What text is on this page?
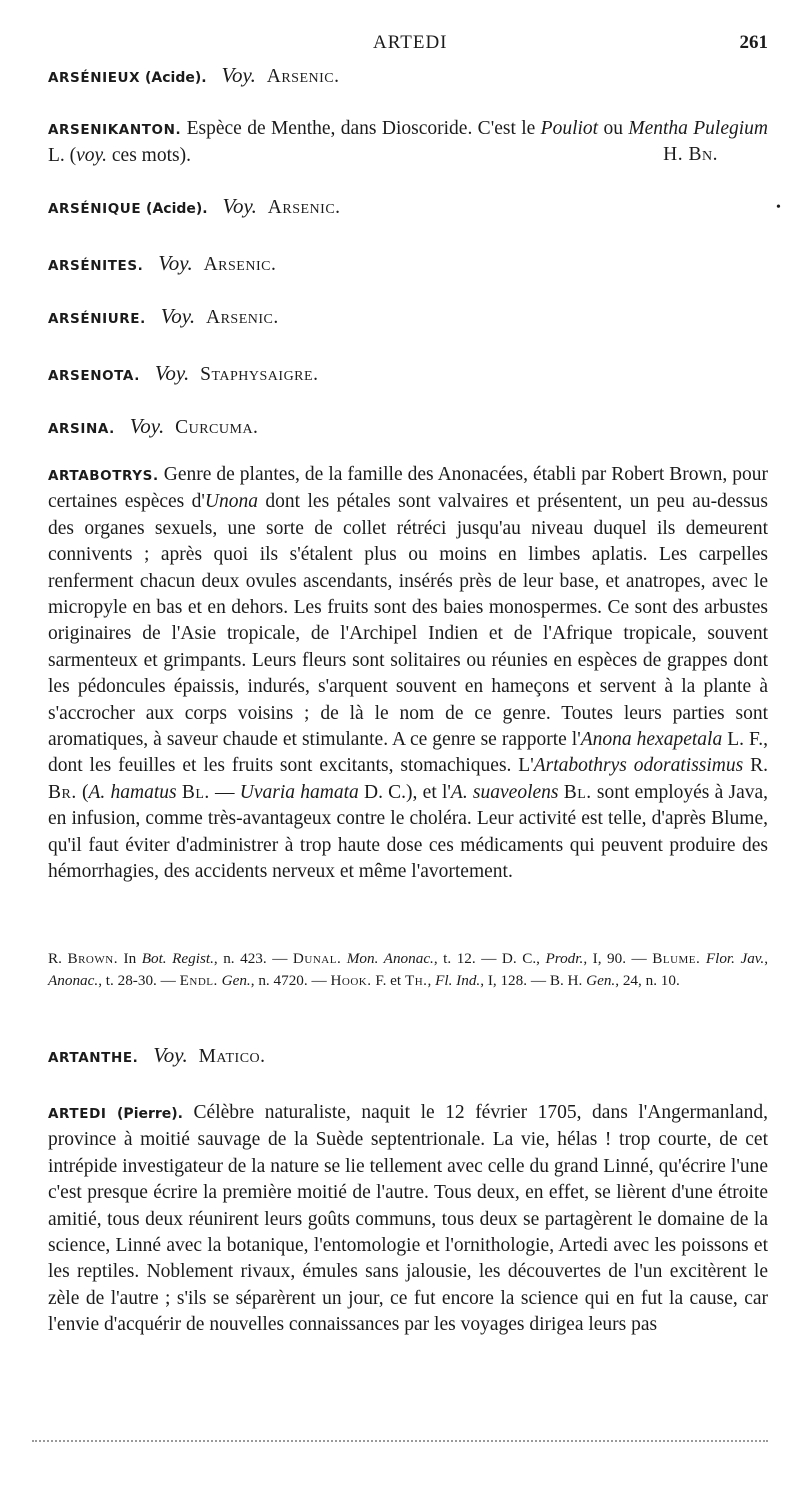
ARTEDI	261
ARSÉNIEUX (Acide). Voy. Arsenic.
ARSENIKANTON. Espèce de Menthe, dans Dioscoride. C'est le Pouliot ou Mentha Pulegium L. (voy. ces mots).	H. Bn.
ARSÉNIQUE (Acide). Voy. Arsenic.	•
ARSÉNITES. Voy. Arsenic.
ARSÉNIURE. Voy. Arsenic.
ARSENOTA. Voy. Staphysaigre.
ARSINA. Voy. Curcuma.
ARTABOTRYS. Genre de plantes, de la famille des Anonacées, établi par Robert Brown, pour certaines espèces d'Unona dont les pétales sont valvaires et présentent, un peu au-dessus des organes sexuels, une sorte de collet rétréci jusqu'au niveau duquel ils demeurent connivents ; après quoi ils s'étalent plus ou moins en limbes aplatis. Les carpelles renferment chacun deux ovules ascendants, insérés près de leur base, et anatropes, avec le micropyle en bas et en dehors. Les fruits sont des baies monospermes. Ce sont des arbustes originaires de l'Asie tropicale, de l'Archipel Indien et de l'Afrique tropicale, souvent sarmenteux et grimpants. Leurs fleurs sont solitaires ou réunies en espèces de grappes dont les pédoncules épaissis, indurés, s'arquent souvent en hameçons et servent à la plante à s'accrocher aux corps voisins ; de là le nom de ce genre. Toutes leurs parties sont aromatiques, à saveur chaude et stimulante. A ce genre se rapporte l'Anona hexapetala L. F., dont les feuilles et les fruits sont excitants, stomachiques. L'Artabothrys odoratissimus R. Br. (A. hamatus Bl. — Uvaria hamata D. C.), et l'A. suaveolens Bl. sont employés à Java, en infusion, comme très-avantageux contre le choléra. Leur activité est telle, d'après Blume, qu'il faut éviter d'administrer à trop haute dose ces médicaments qui peuvent produire des hémorrhagies, des accidents nerveux et même l'avortement.
R. Brown. In Bot. Regist., n. 423. — Dunal. Mon. Anonac., t. 12. — D. C., Prodr., I, 90. — Blume. Flor. Jav., Anonac., t. 28-30. — Endl. Gen., n. 4720. — Hook. F. et Th., Fl. Ind., I, 128. — B. H. Gen., 24, n. 10.
ARTANTHE. Voy. Matico.
ARTEDI (Pierre). Célèbre naturaliste, naquit le 12 février 1705, dans l'Angermanland, province à moitié sauvage de la Suède septentrionale. La vie, hélas ! trop courte, de cet intrépide investigateur de la nature se lie tellement avec celle du grand Linné, qu'écrire l'une c'est presque écrire la première moitié de l'autre. Tous deux, en effet, se lièrent d'une étroite amitié, tous deux réunirent leurs goûts communs, tous deux se partagèrent le domaine de la science, Linné avec la botanique, l'entomologie et l'ornithologie, Artedi avec les poissons et les reptiles. Noblement rivaux, émules sans jalousie, les découvertes de l'un excitèrent le zèle de l'autre ; s'ils se séparèrent un jour, ce fut encore la science qui en fut la cause, car l'envie d'acquérir de nouvelles connaissances par les voyages dirigea leurs pas
